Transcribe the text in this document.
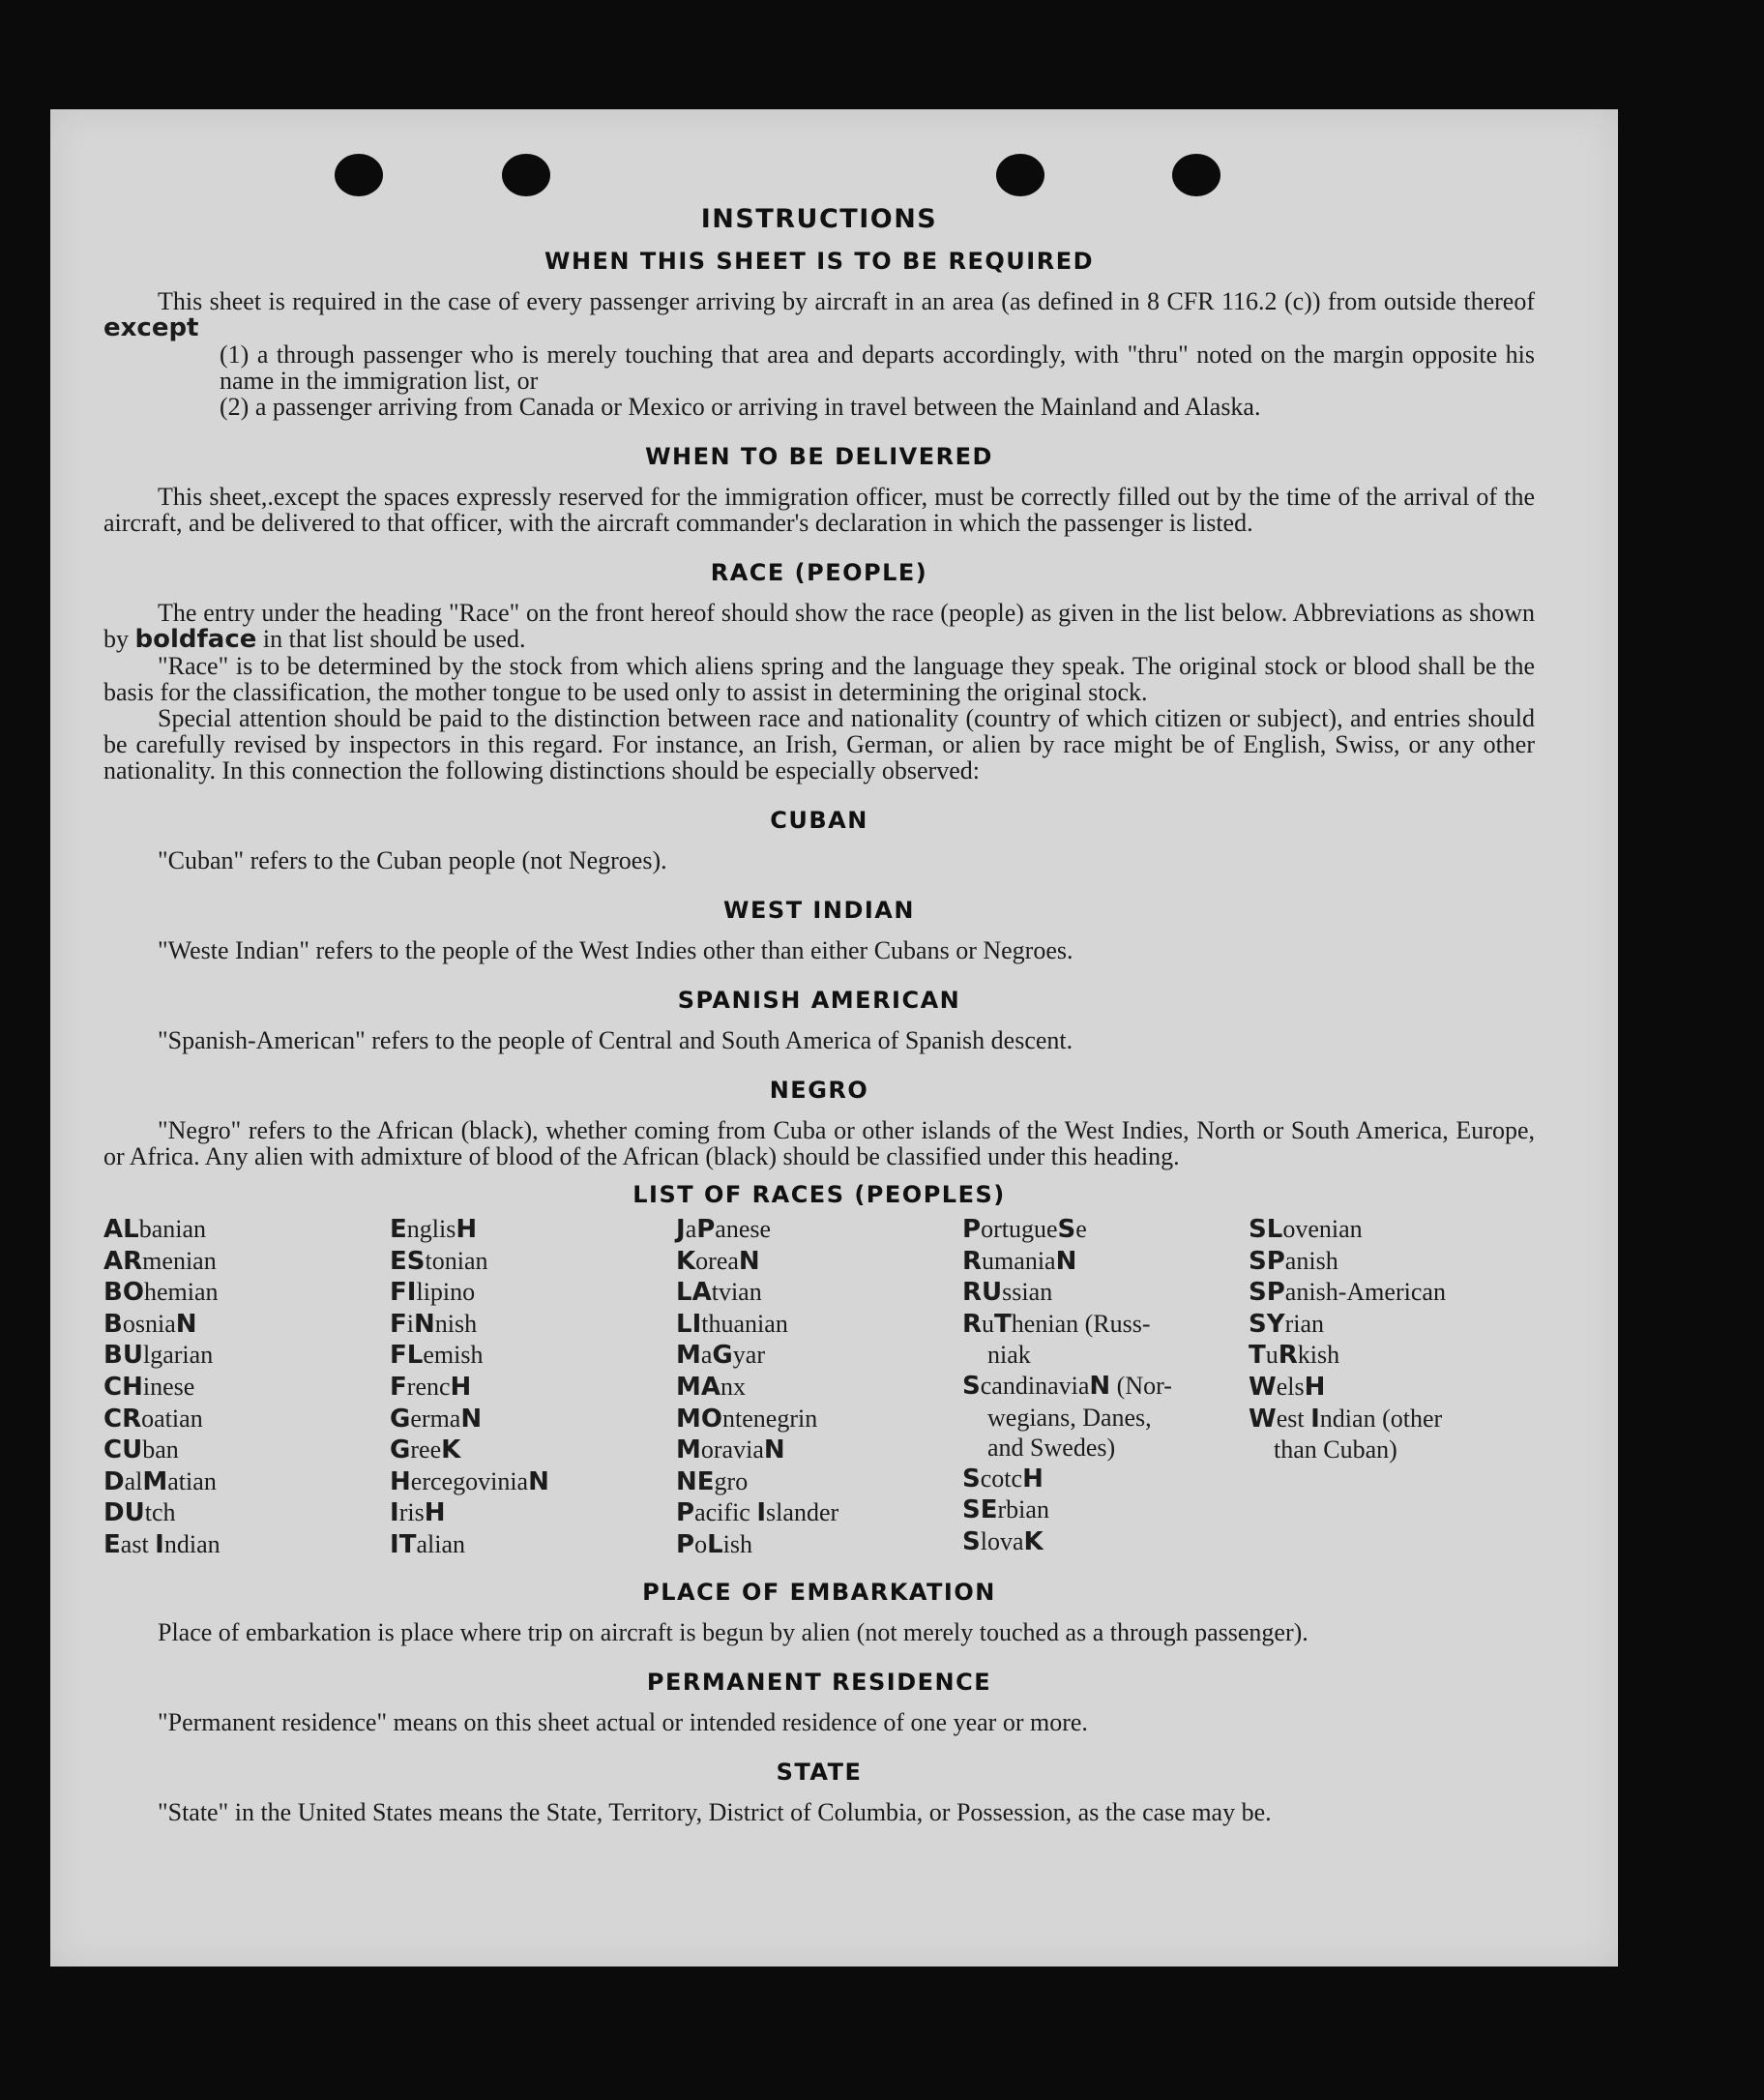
INSTRUCTIONS
WHEN THIS SHEET IS TO BE REQUIRED

This sheet is required in the case of every passenger arriving by aircraft in an area (as defined in 8 CFR 116.2 (c)) from outside thereof except

(1) a through passenger who is merely touching that area and departs accordingly, with "thru" noted on the margin opposite his name in the immigration list, or
(2) a passenger arriving from Canada or Mexico or arriving in travel between the Mainland and Alaska.
WHEN TO BE DELIVERED

This sheet,.except the spaces expressly reserved for the immigration officer, must be correctly filled out by the time of the arrival of the aircraft, and be delivered to that officer, with the aircraft commander's declaration in which the passenger is listed.

RACE (PEOPLE)

The entry under the heading "Race" on the front hereof should show the race (people) as given in the list below. Abbreviations as shown by boldface in that list should be used.

"Race" is to be determined by the stock from which aliens spring and the language they speak. The original stock or blood shall be the basis for the classification, the mother tongue to be used only to assist in determining the original stock.

Special attention should be paid to the distinction between race and nationality (country of which citizen or subject), and entries should be carefully revised by inspectors in this regard. For instance, an Irish, German, or alien by race might be of English, Swiss, or any other nationality. In this connection the following distinctions should be especially observed:

CUBAN

"Cuban" refers to the Cuban people (not Negroes).

WEST INDIAN

"Weste Indian" refers to the people of the West Indies other than either Cubans or Negroes.

SPANISH AMERICAN

"Spanish-American" refers to the people of Central and South America of Spanish descent.

NEGRO

"Negro" refers to the African (black), whether coming from Cuba or other islands of the West Indies, North or South America, Europe, or Africa. Any alien with admixture of blood of the African (black) should be classified under this heading.

LIST OF RACES (PEOPLES)
ALbanian
ARmenian
BOhemian
BosniaN
BUlgarian
CHinese
CRoatian
CUban
DalMatian
DUtch
East Indian
EnglisH
EStonian
FIlipino
FiNnish
FLemish
FrencH
GermaN
GreeK
HercegoviniaN
IrisH
ITalian
JaPanese
KoreaN
LAtvian
LIthuanian
MaGyar
MAnx
MOntenegrin
MoraviaN
NEgro
Pacific Islander
PoLish
PortugueSe
RumaniaN
RUssian
RuThenian (Russ-
niak
ScandinaviaN (Nor-
wegians, Danes,
and Swedes)
ScotcH
SErbian
SlovaK
SLovenian
SPanish
SPanish-American
SYrian
TuRkish
WelsH
West Indian (other
than Cuban)
PLACE OF EMBARKATION

Place of embarkation is place where trip on aircraft is begun by alien (not merely touched as a through passenger).

PERMANENT RESIDENCE

"Permanent residence" means on this sheet actual or intended residence of one year or more.

STATE

"State" in the United States means the State, Territory, District of Columbia, or Possession, as the case may be.
